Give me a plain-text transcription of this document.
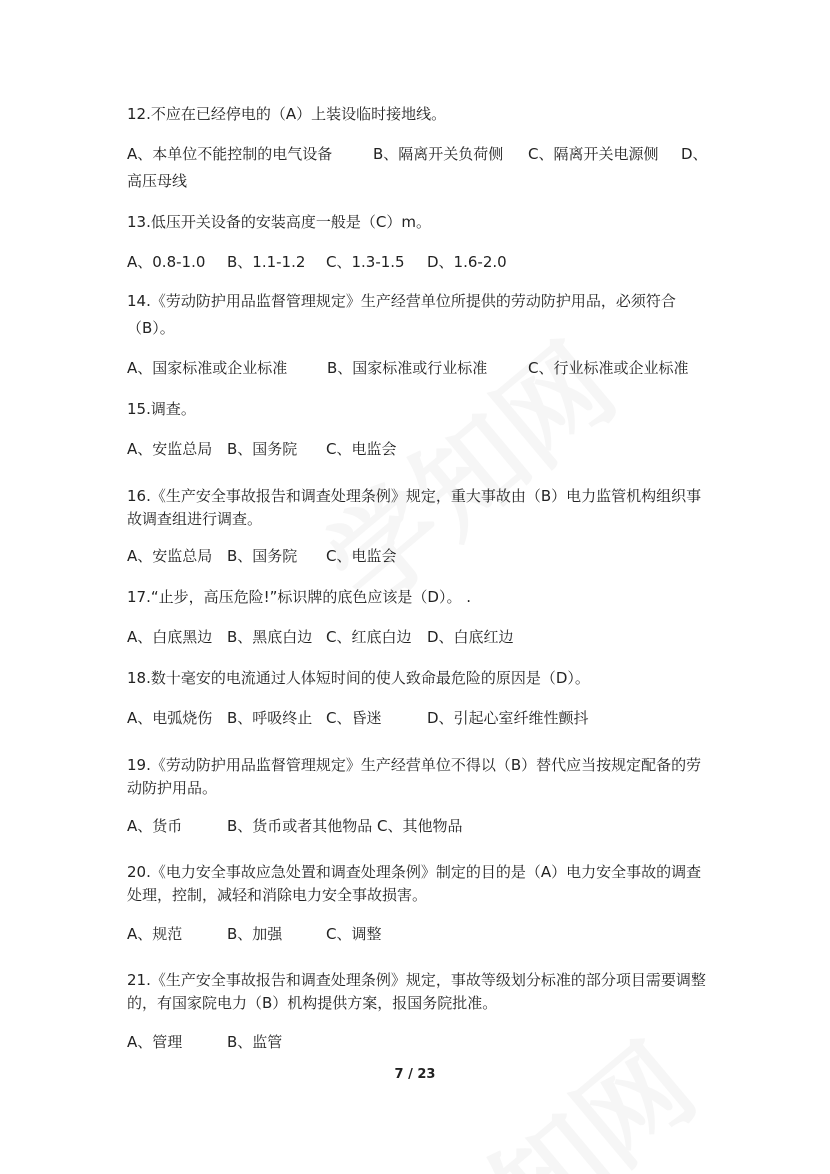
12.不应在已经停电的（A）上装设临时接地线。
A、本单位不能控制的电气设备	B、隔离开关负荷侧 C、隔离开关电源侧 D、
高压母线
13.低压开关设备的安装高度一般是（C）m。
A、0.8-1.0 B、1.1-1.2 C、1.3-1.5 D、1.6-2.0
14.《劳动防护用品监督管理规定》生产经营单位所提供的劳动防护用品，必须符合
（B）。
A、国家标准或企业标准	B、国家标准或行业标准	C、行业标准或企业标准
15.调查。
A、安监总局 B、国务院 C、电监会
16.《生产安全事故报告和调查处理条例》规定，重大事故由（B）电力监管机构组织事
故调查组进行调查。
A、安监总局 B、国务院 C、电监会
17.“止步，高压危险!”标识牌的底色应该是（D）。 .
A、白底黑边 B、黑底白边 C、红底白边 D、白底红边
18.数十毫安的电流通过人体短时间的使人致命最危险的原因是（D）。
A、电弧烧伤 B、呼吸终止 C、昏迷	D、引起心室纤维性颤抖
19.《劳动防护用品监督管理规定》生产经营单位不得以（B）替代应当按规定配备的劳
动防护用品。
A、货币	B、货币或者其他物品 C、其他物品
20.《电力安全事故应急处置和调查处理条例》制定的目的是（A）电力安全事故的调查
处理，控制，减轻和消除电力安全事故损害。
A、规范	B、加强	C、调整
21.《生产安全事故报告和调查处理条例》规定，事故等级划分标准的部分项目需要调整
的，有国家院电力（B）机构提供方案，报国务院批准。
A、管理	B、监管
7 / 23
